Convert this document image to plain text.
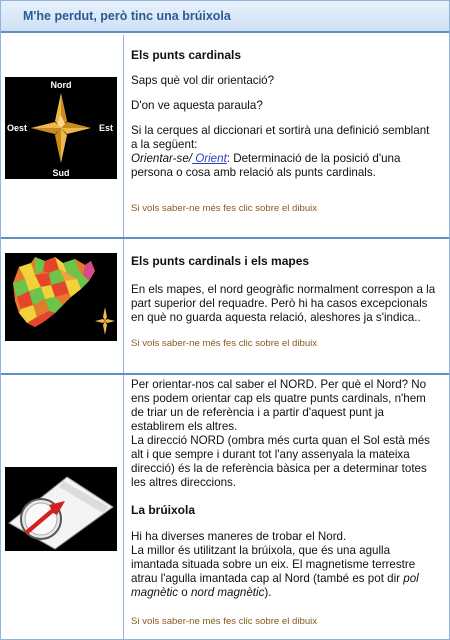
M'he perdut, però tinc una brúixola
Nord
Sud
Oest	Est
Els punts cardinals
Saps què vol dir orientació?
D'on ve aquesta paraula?
Si la cerques al diccionari et sortirà una definició semblant a la següent:
Orientar-se/ Orient: Determinació de la posició d'una persona o cosa amb relació als punts cardinals.
Si vols saber-ne més fes clic sobre el dibuix
Els punts cardinals i els mapes
En els mapes, el nord geogràfic normalment correspon a la part superior del requadre. Però hi ha casos excepcionals en què no guarda aquesta relació, aleshores ja s'indica..
Si vols saber-ne més fes clic sobre el dibuix
Per orientar-nos cal saber el NORD. Per què el Nord? No ens podem orientar cap els quatre punts cardinals, n'hem de triar un de referència i a partir d'aquest punt ja establirem els altres.
La direcció NORD (ombra més curta quan el Sol està més alt i que sempre i durant tot l'any assenyala la mateixa direcció) és la de referència bàsica per a determinar totes les altres direccions.
La brúixola
Hi ha diverses maneres de trobar el Nord.
La millor és utilitzant la brúixola, que és una agulla imantada situada sobre un eix. El magnetisme terrestre atrau l'agulla imantada cap al Nord (també es pot dir pol magnètic o nord magnètic).
Si vols saber-ne més fes clic sobre el dibuix
